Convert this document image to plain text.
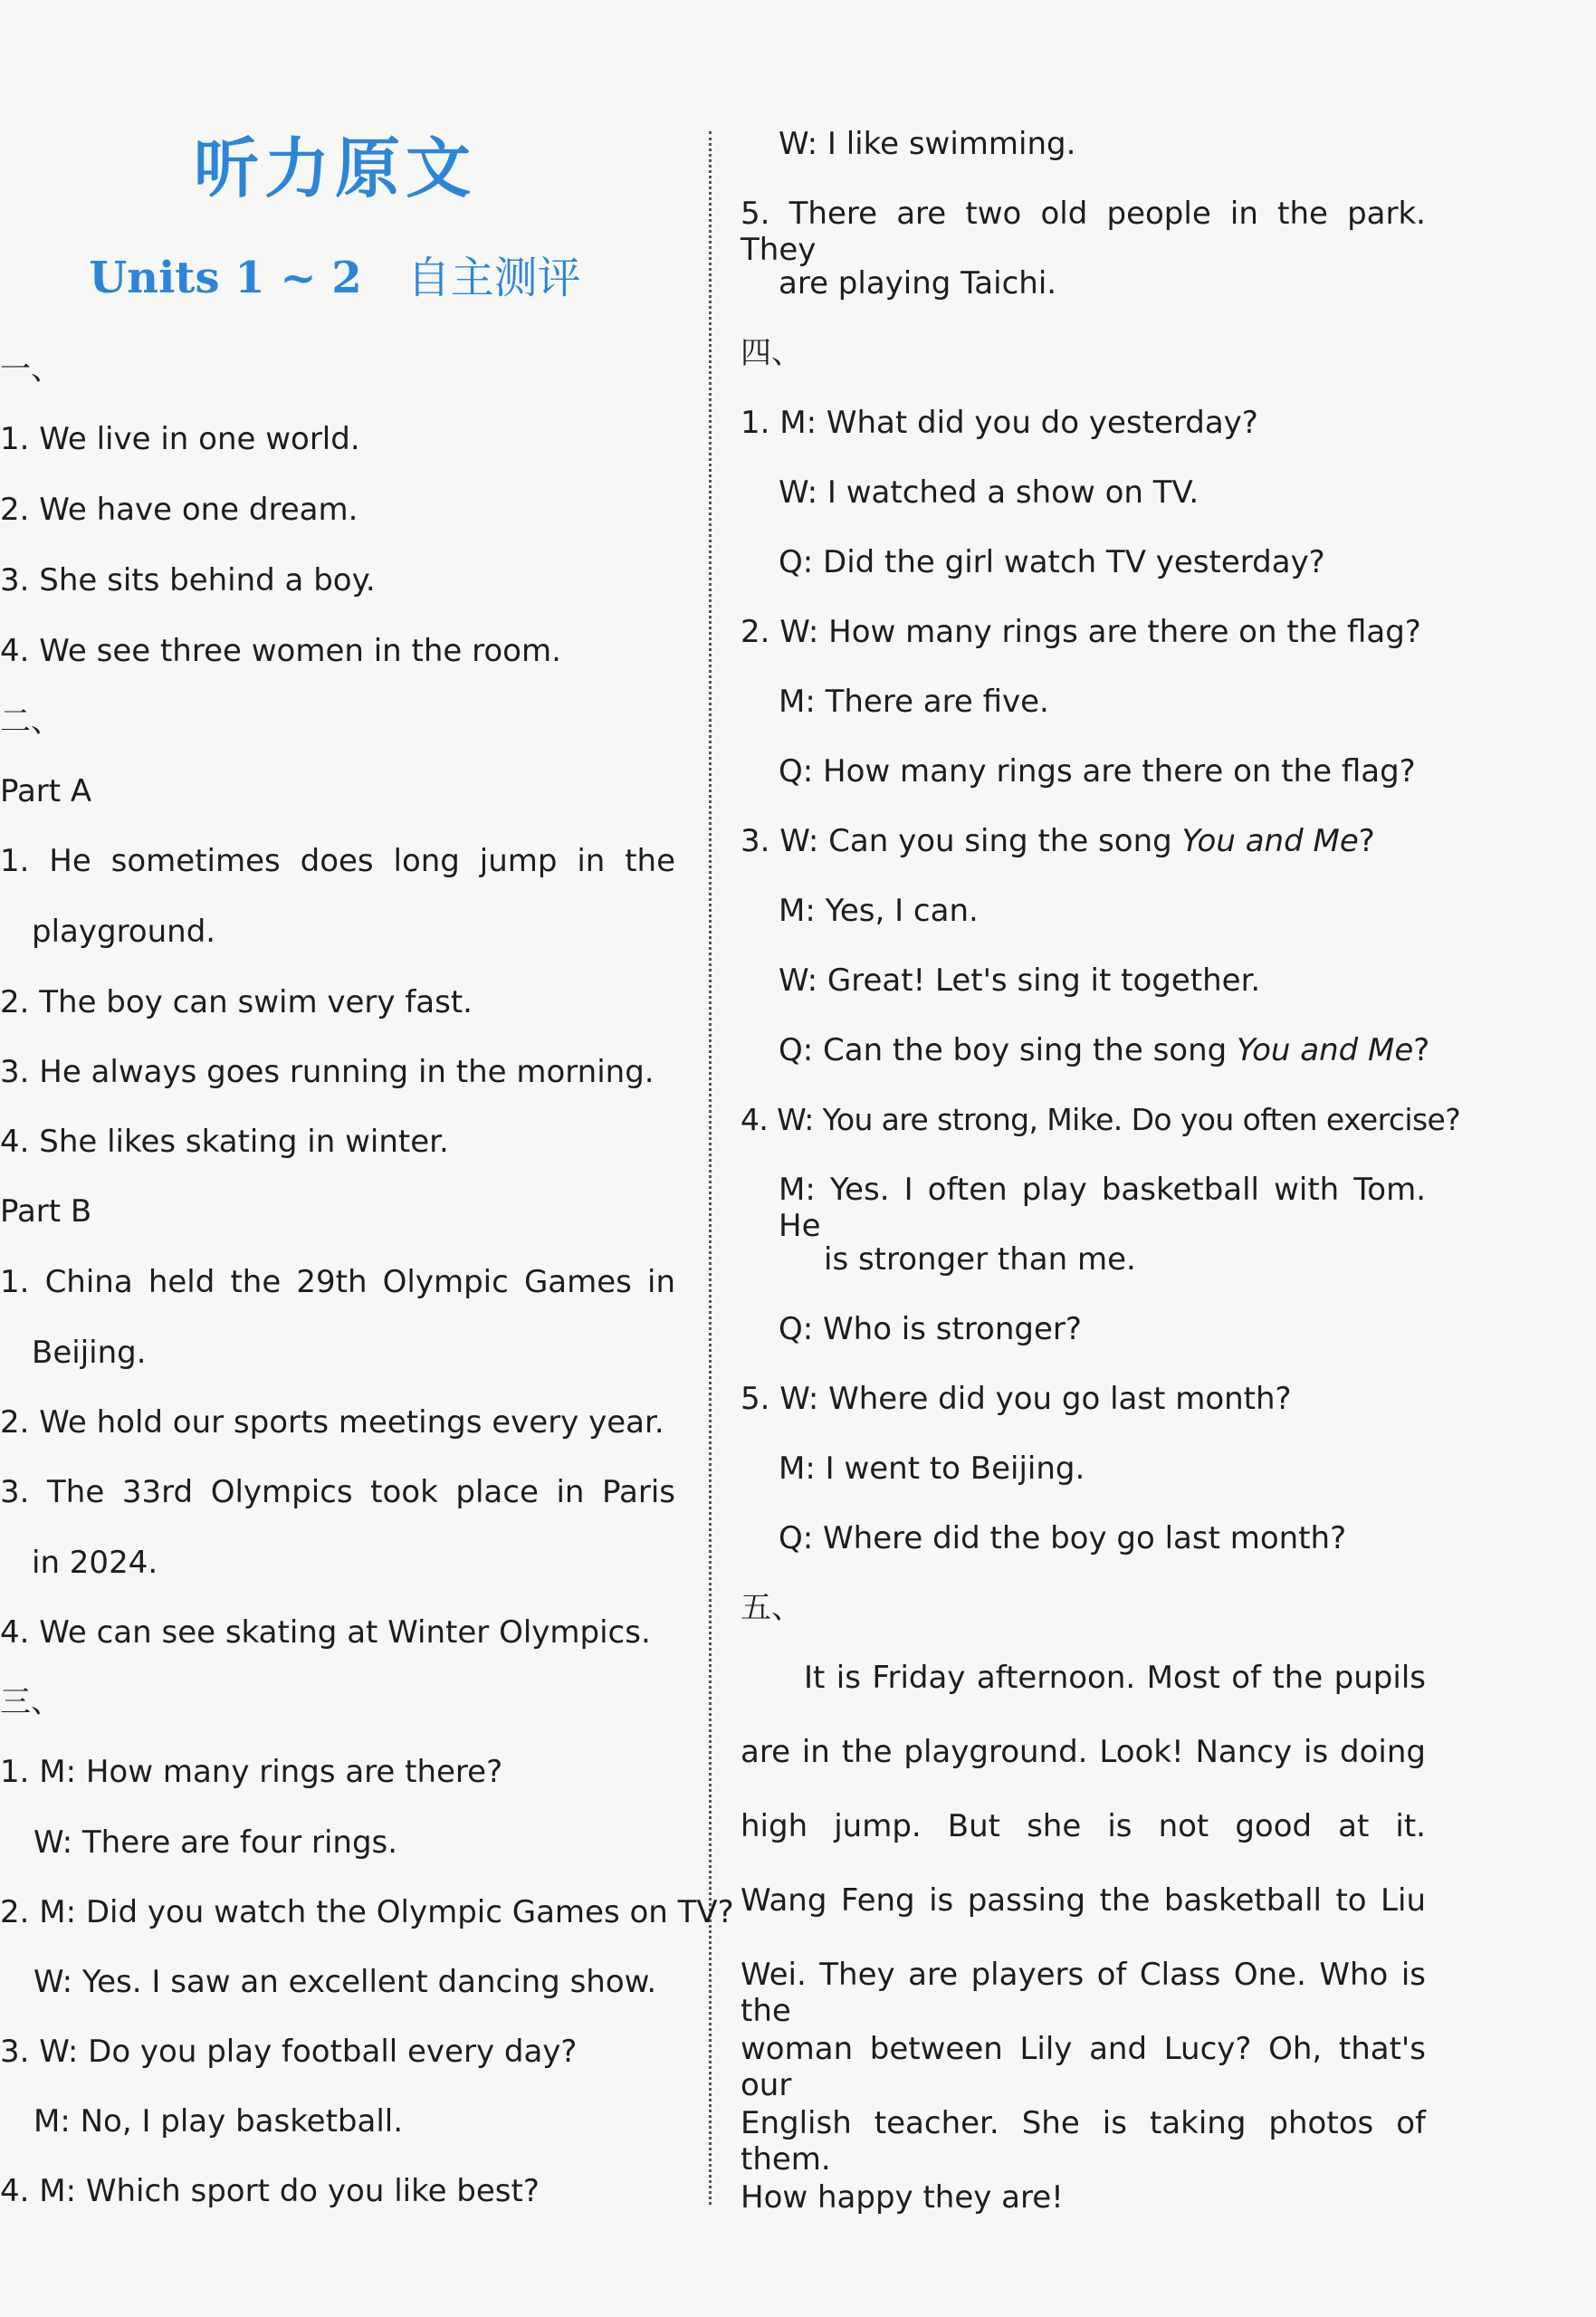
听力原文
Units 1 ~ 2 自主测评
一、
1. We live in one world.
2. We have one dream.
3. She sits behind a boy.
4. We see three women in the room.
二、
Part A
1. He sometimes does long jump in the
playground.
2. The boy can swim very fast.
3. He always goes running in the morning.
4. She likes skating in winter.
Part B
1. China held the 29th Olympic Games in
Beijing.
2. We hold our sports meetings every year.
3. The 33rd Olympics took place in Paris
in 2024.
4. We can see skating at Winter Olympics.
三、
1. M: How many rings are there?
W: There are four rings.
2. M: Did you watch the Olympic Games on TV?
W: Yes. I saw an excellent dancing show.
3. W: Do you play football every day?
M: No, I play basketball.
4. M: Which sport do you like best?
W: I like swimming.
5. There are two old people in the park. They
are playing Taichi.
四、
1. M: What did you do yesterday?
W: I watched a show on TV.
Q: Did the girl watch TV yesterday?
2. W: How many rings are there on the flag?
M: There are five.
Q: How many rings are there on the flag?
3. W: Can you sing the song You and Me?
M: Yes, I can.
W: Great! Let's sing it together.
Q: Can the boy sing the song You and Me?
4. W: You are strong, Mike. Do you often exercise?
M: Yes. I often play basketball with Tom. He
is stronger than me.
Q: Who is stronger?
5. W: Where did you go last month?
M: I went to Beijing.
Q: Where did the boy go last month?
五、
It is Friday afternoon. Most of the pupils
are in the playground. Look! Nancy is doing
high jump. But she is not good at it.
Wang Feng is passing the basketball to Liu
Wei. They are players of Class One. Who is the
woman between Lily and Lucy? Oh, that's our
English teacher. She is taking photos of them.
How happy they are!
